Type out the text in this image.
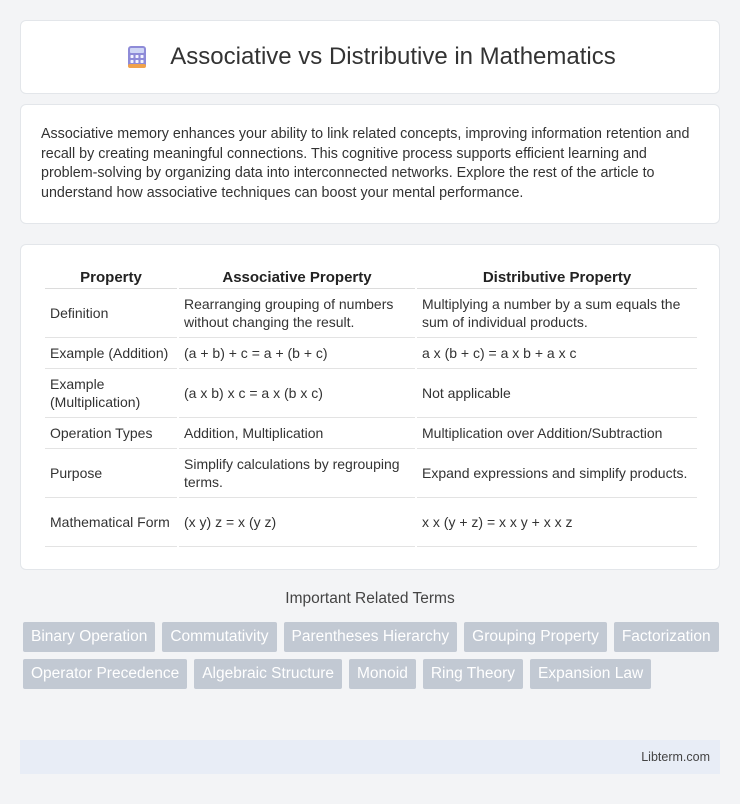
Associative vs Distributive in Mathematics

Associative memory enhances your ability to link related concepts, improving information retention and recall by creating meaningful connections. This cognitive process supports efficient learning and problem-solving by organizing data into interconnected networks. Explore the rest of the article to understand how associative techniques can boost your mental performance.

Property	Associative Property	Distributive Property
Definition	Rearranging grouping of numbers without changing the result.	Multiplying a number by a sum equals the sum of individual products.
Example (Addition)	(a + b) + c = a + (b + c)	a x (b + c) = a x b + a x c
Example (Multiplication)	(a x b) x c = a x (b x c)	Not applicable
Operation Types	Addition, Multiplication	Multiplication over Addition/Subtraction
Purpose	Simplify calculations by regrouping terms.	Expand expressions and simplify products.
Mathematical Form	(x y) z = x (y z)	x x (y + z) = x x y + x x z
Important Related Terms
Binary Operation	Commutativity	Parentheses Hierarchy	Grouping Property	Factorization
Operator Precedence	Algebraic Structure	Monoid	Ring Theory	Expansion Law
Libterm.com
